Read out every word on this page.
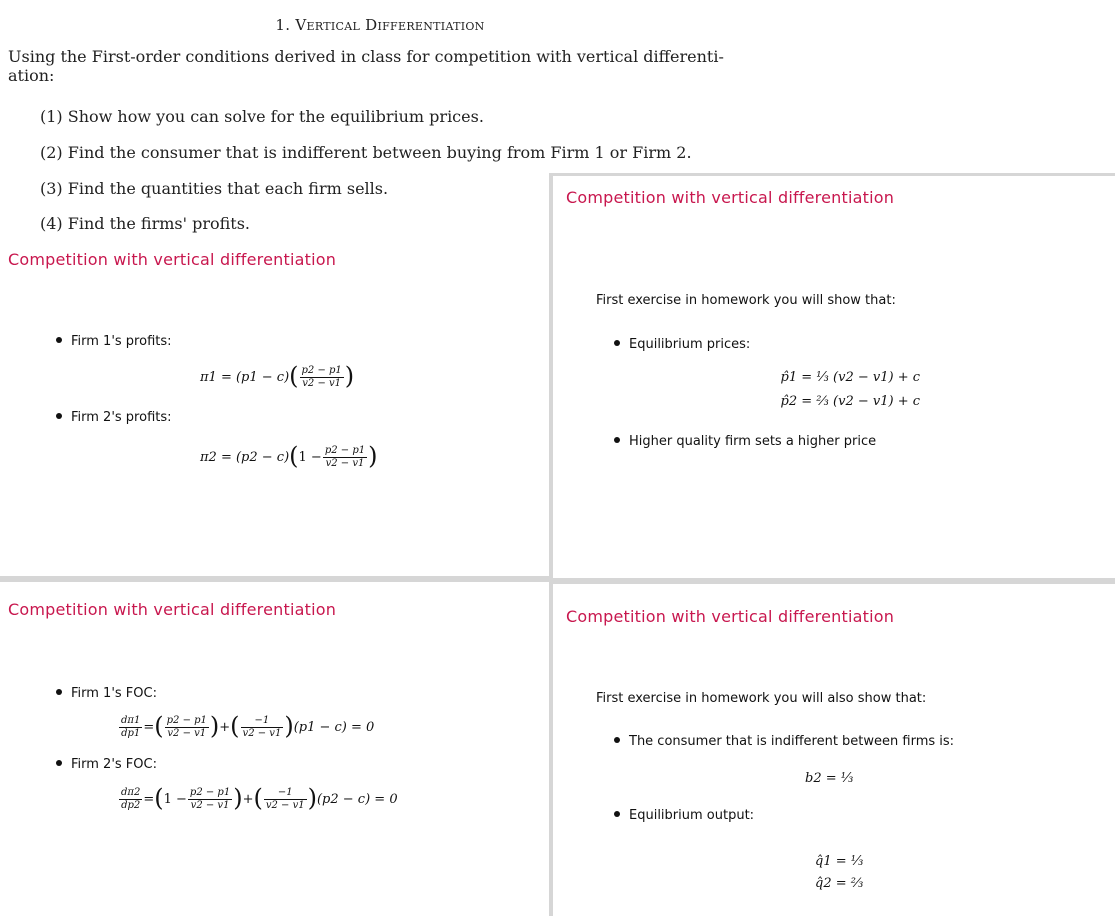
1. Vertical Differentiation
Using the First-order conditions derived in class for competition with vertical differenti-
ation:
(1) Show how you can solve for the equilibrium prices.
(2) Find the consumer that is indifferent between buying from Firm 1 or Firm 2.
(3) Find the quantities that each firm sells.
(4) Find the firms' profits.
Competition with vertical differentiation
Firm 1's profits:
π1 = (p1 − c) ( $\frac{p2 - p1}{v2 - v1}$ )
Firm 2's profits:
π2 = (p2 − c) ( $1 - \frac{p2 - p1}{v2 - v1}$ )
Competition with vertical differentiation
First exercise in homework you will show that:
Equilibrium prices:
p̂1 = ⅓ (v2 − v1) + c
p̂2 = ⅔ (v2 − v1) + c
Higher quality firm sets a higher price
Competition with vertical differentiation
Firm 1's FOC:
$\frac{d\pi 1}{dp1}$ = ( $\frac{p2 - p1}{v2 - v1}$ ) + ( $\frac{-1}{v2 - v1}$ ) (p1 − c) = 0
Firm 2's FOC:
$\frac{d\pi 2}{dp2}$ = ( $1 - \frac{p2 - p1}{v2 - v1}$ ) + ( $\frac{-1}{v2 - v1}$ ) (p2 − c) = 0
Competition with vertical differentiation
First exercise in homework you will also show that:
The consumer that is indifferent between firms is:
b2 = ⅓
Equilibrium output:
q̂1 = ⅓
q̂2 = ⅔
